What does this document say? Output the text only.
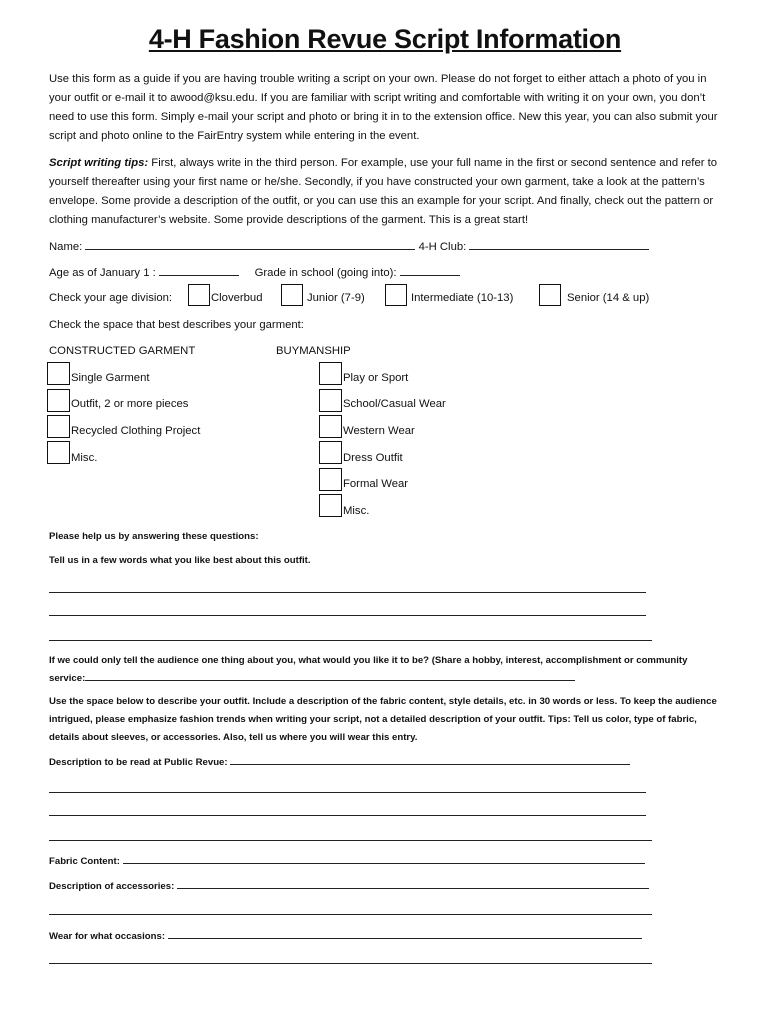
4-H Fashion Revue Script Information
Use this form as a guide if you are having trouble writing a script on your own. Please do not forget to either attach a photo of you in your outfit or e-mail it to awood@ksu.edu. If you are familiar with script writing and comfortable with writing it on your own, you don’t need to use this form. Simply e-mail your script and photo or bring it in to the extension office. New this year, you can also submit your script and photo online to the FairEntry system while entering in the event.
Script writing tips: First, always write in the third person. For example, use your full name in the first or second sentence and refer to yourself thereafter using your first name or he/she. Secondly, if you have constructed your own garment, take a look at the pattern’s envelope. Some provide a description of the outfit, or you can use this an example for your script. And finally, check out the pattern or clothing manufacturer’s website. Some provide descriptions of the garment. This is a great start!
Name:	4-H Club:
Age as of January 1 :	Grade in school (going into):
Check your age division:	Cloverbud	Junior (7-9)	Intermediate (10-13)	Senior (14 & up)
Check the space that best describes your garment:
CONSTRUCTED GARMENT	BUYMANSHIP
Single Garment
Outfit, 2 or more pieces
Recycled Clothing Project
Misc.
Play or Sport
School/Casual Wear
Western Wear
Dress Outfit
Formal Wear
Misc.
Please help us by answering these questions:
Tell us in a few words what you like best about this outfit.
If we could only tell the audience one thing about you, what would you like it to be? (Share a hobby, interest, accomplishment or community service:
Use the space below to describe your outfit. Include a description of the fabric content, style details, etc. in 30 words or less. To keep the audience intrigued, please emphasize fashion trends when writing your script, not a detailed description of your outfit. Tips: Tell us color, type of fabric, details about sleeves, or accessories. Also, tell us where you will wear this entry.
Description to be read at Public Revue:
Fabric Content:
Description of accessories:
Wear for what occasions:
